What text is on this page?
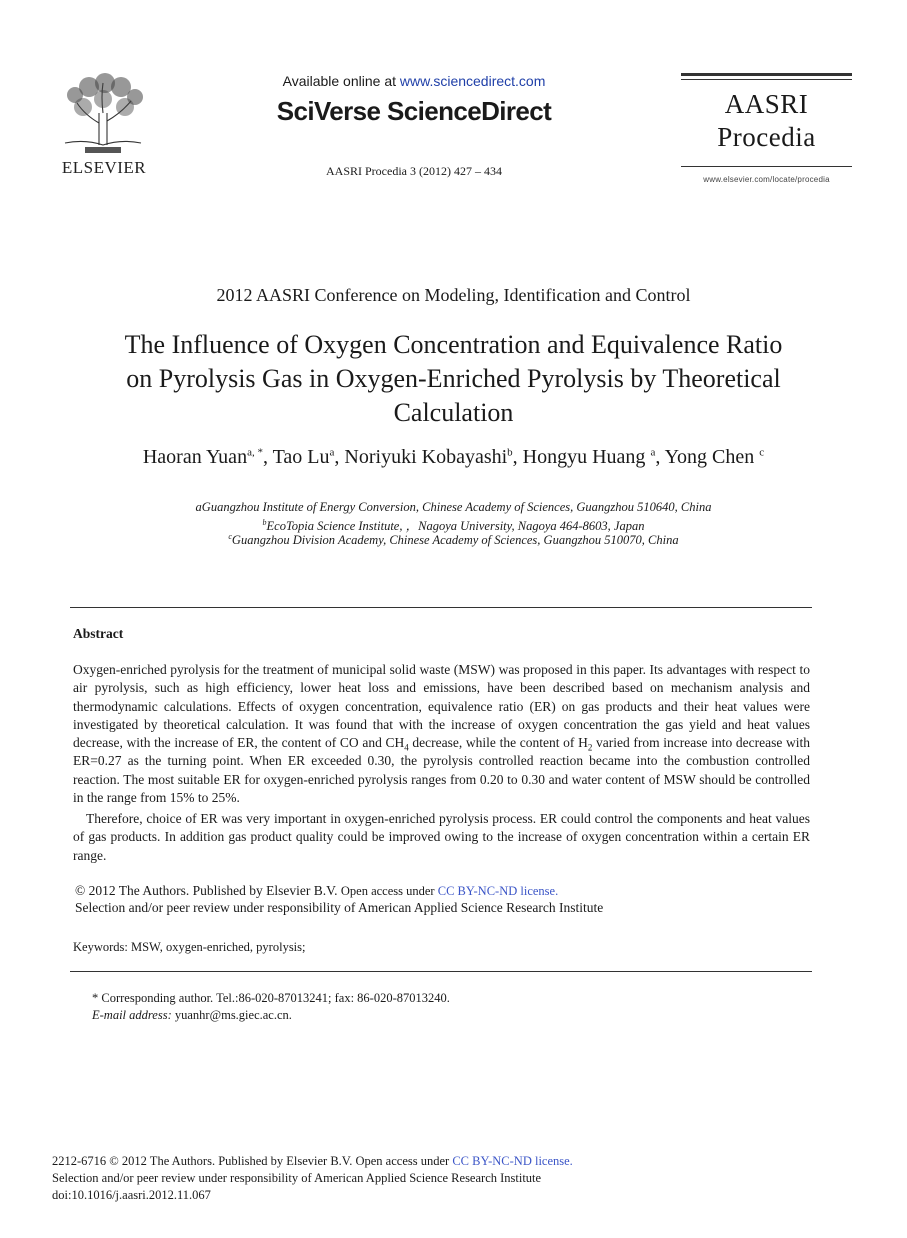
ELSEVIER
Available online at www.sciencedirect.com
SciVerse ScienceDirect
AASRI Procedia 3 (2012) 427 – 434
AASRI
Procedia
www.elsevier.com/locate/procedia
2012 AASRI Conference on Modeling, Identification and Control
The Influence of Oxygen Concentration and Equivalence Ratio
on Pyrolysis Gas in Oxygen-Enriched Pyrolysis by Theoretical
Calculation
Haoran Yuan$^{a, *}$, Tao Lu$^a$, Noriyuki Kobayashi$^b$, Hongyu Huang $^a$, Yong Chen $^c$
aGuangzhou Institute of Energy Conversion, Chinese Academy of Sciences, Guangzhou 510640, China
$^b$EcoTopia Science Institute, ，Nagoya University, Nagoya 464-8603, Japan
$^c$Guangzhou Division Academy, Chinese Academy of Sciences, Guangzhou 510070, China
Abstract
Oxygen-enriched pyrolysis for the treatment of municipal solid waste (MSW) was proposed in this paper. Its advantages with respect to air pyrolysis, such as high efficiency, lower heat loss and emissions, have been described based on mechanism analysis and thermodynamic calculations. Effects of oxygen concentration, equivalence ratio (ER) on gas products and their heat values were investigated by theoretical calculation. It was found that with the increase of oxygen concentration the gas yield and heat values decrease, with the increase of ER, the content of CO and $CH_4$ decrease, while the content of $H_2$ varied from increase into decrease with ER=0.27 as the turning point. When ER exceeded 0.30, the pyrolysis controlled reaction became into the combustion controlled reaction. The most suitable ER for oxygen-enriched pyrolysis ranges from 0.20 to 0.30 and water content of MSW should be controlled in the range from 15% to 25%.
Therefore, choice of ER was very important in oxygen-enriched pyrolysis process. ER could control the components and heat values of gas products. In addition gas product quality could be improved owing to the increase of oxygen concentration within a certain ER range.
© 2012 The Authors. Published by Elsevier B.V. Open access under CC BY-NC-ND license.
Selection and/or peer review under responsibility of American Applied Science Research Institute
Keywords: MSW, oxygen-enriched, pyrolysis;
* Corresponding author. Tel.:86-020-87013241; fax: 86-020-87013240.
E-mail address: yuanhr@ms.giec.ac.cn.
2212-6716 © 2012 The Authors. Published by Elsevier B.V. Open access under CC BY-NC-ND license.
Selection and/or peer review under responsibility of American Applied Science Research Institute
doi:10.1016/j.aasri.2012.11.067
